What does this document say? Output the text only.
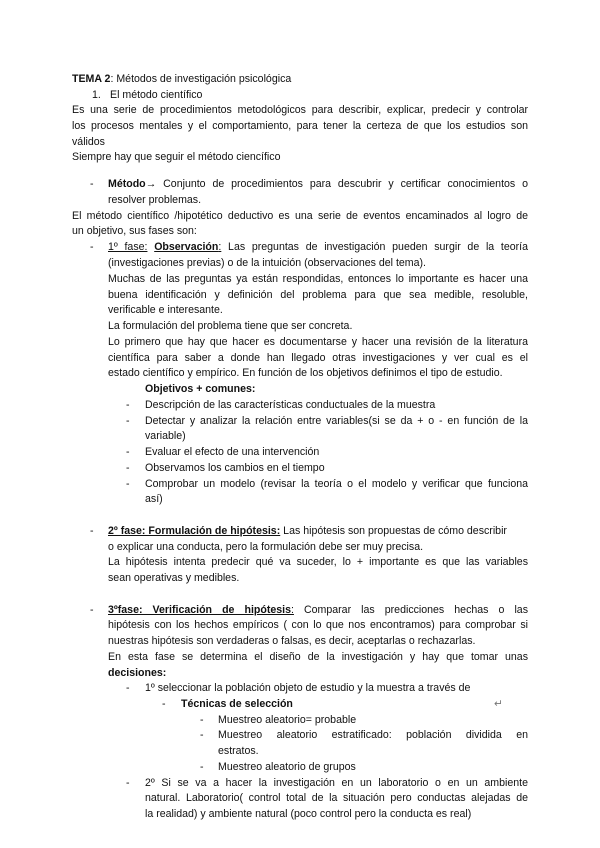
TEMA 2: Métodos de investigación psicológica
1. El método científico
Es una serie de procedimientos metodológicos para describir, explicar, predecir y controlar
los procesos mentales y el comportamiento, para tener la certeza de que los estudios son
válidos
Siempre hay que seguir el método ciencífico
- Método→ Conjunto de procedimientos para descubrir y certificar conocimientos o
resolver problemas.
El método científico /hipotético deductivo es una serie de eventos encaminados al logro de
un objetivo, sus fases son:
- 1º fase: Observación: Las preguntas de investigación pueden surgir de la teoría
(investigaciones previas) o de la intuición (observaciones del tema).
Muchas de las preguntas ya están respondidas, entonces lo importante es hacer una
buena identificación y definición del problema para que sea medible, resoluble,
verificable e interesante.
La formulación del problema tiene que ser concreta.
Lo primero que hay que hacer es documentarse y hacer una revisión de la literatura
científica para saber a donde han llegado otras investigaciones y ver cual es el
estado científico y empírico. En función de los objetivos definimos el tipo de estudio.
Objetivos + comunes:
- Descripción de las características conductuales de la muestra
- Detectar y analizar la relación entre variables(si se da + o - en función de la
variable)
- Evaluar el efecto de una intervención
- Observamos los cambios en el tiempo
- Comprobar un modelo (revisar la teoría o el modelo y verificar que funciona
así)
- 2º fase: Formulación de hipótesis: Las hipótesis son propuestas de cómo describir
o explicar una conducta, pero la formulación debe ser muy precisa.
La hipótesis intenta predecir qué va suceder, lo + importante es que las variables
sean operativas y medibles.
- 3ºfase: Verificación de hipótesis: Comparar las predicciones hechas o las
hipótesis con los hechos empíricos ( con lo que nos encontramos) para comprobar si
nuestras hipótesis son verdaderas o falsas, es decir, aceptarlas o rechazarlas.
En esta fase se determina el diseño de la investigación y hay que tomar unas
decisiones:
- 1º seleccionar la población objeto de estudio y la muestra a través de
- Técnicas de selección	↵
- Muestreo aleatorio= probable
- Muestreo aleatorio estratificado: población dividida en
estratos.
- Muestreo aleatorio de grupos
- 2º Si se va a hacer la investigación en un laboratorio o en un ambiente
natural. Laboratorio( control total de la situación pero conductas alejadas de
la realidad) y ambiente natural (poco control pero la conducta es real)
